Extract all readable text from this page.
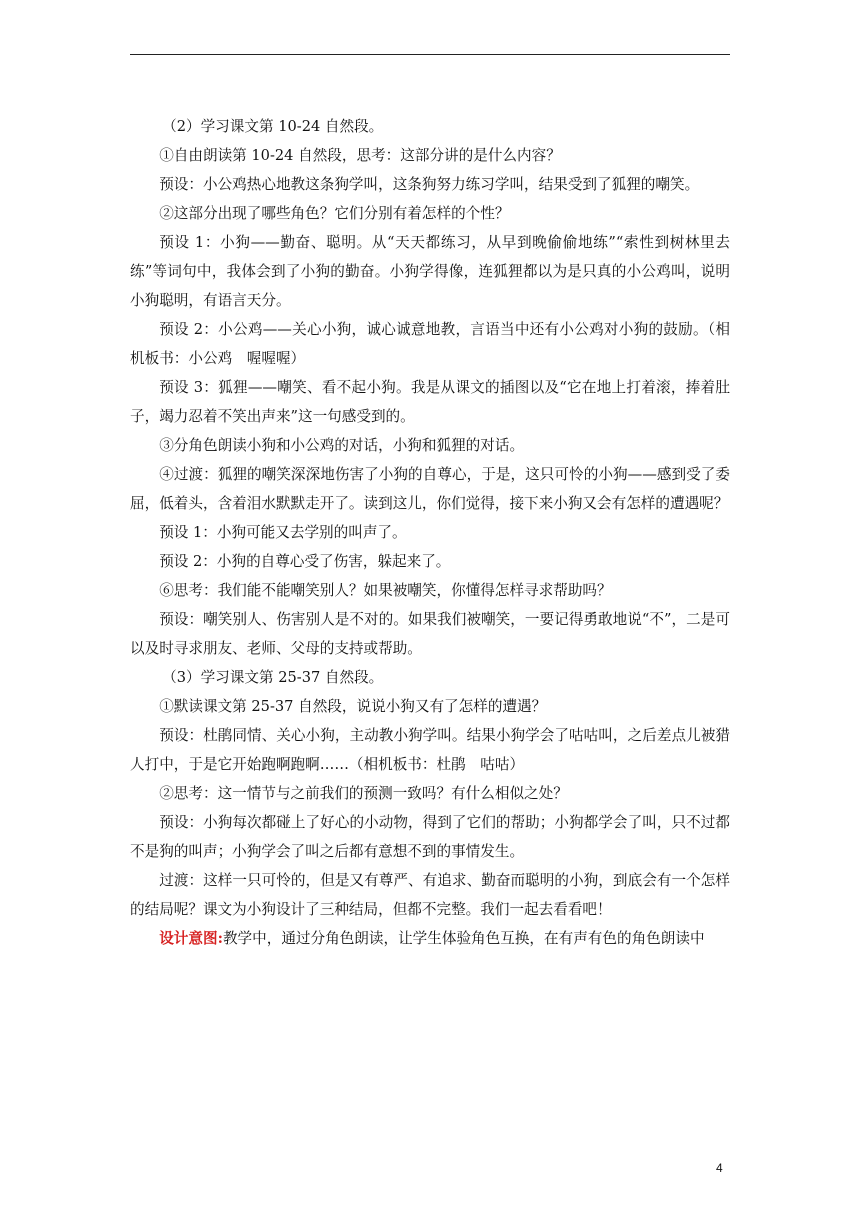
（2）学习课文第 10-24 自然段。

①自由朗读第 10-24 自然段，思考：这部分讲的是什么内容？

预设：小公鸡热心地教这条狗学叫，这条狗努力练习学叫，结果受到了狐狸的嘲笑。

②这部分出现了哪些角色？它们分别有着怎样的个性？

预设 1：小狗——勤奋、聪明。从“天天都练习，从早到晚偷偷地练”“索性到树林里去练”等词句中，我体会到了小狗的勤奋。小狗学得像，连狐狸都以为是只真的小公鸡叫，说明小狗聪明，有语言天分。

预设 2：小公鸡——关心小狗，诚心诚意地教，言语当中还有小公鸡对小狗的鼓励。（相机板书：小公鸡　喔喔喔）

预设 3：狐狸——嘲笑、看不起小狗。我是从课文的插图以及“它在地上打着滚，捧着肚子，竭力忍着不笑出声来”这一句感受到的。

③分角色朗读小狗和小公鸡的对话，小狗和狐狸的对话。

④过渡：狐狸的嘲笑深深地伤害了小狗的自尊心，于是，这只可怜的小狗——感到受了委屈，低着头，含着泪水默默走开了。读到这儿，你们觉得，接下来小狗又会有怎样的遭遇呢？

预设 1：小狗可能又去学别的叫声了。

预设 2：小狗的自尊心受了伤害，躲起来了。

⑥思考：我们能不能嘲笑别人？如果被嘲笑，你懂得怎样寻求帮助吗？

预设：嘲笑别人、伤害别人是不对的。如果我们被嘲笑，一要记得勇敢地说“不”，二是可以及时寻求朋友、老师、父母的支持或帮助。

（3）学习课文第 25-37 自然段。

①默读课文第 25-37 自然段，说说小狗又有了怎样的遭遇？

预设：杜鹃同情、关心小狗，主动教小狗学叫。结果小狗学会了咕咕叫，之后差点儿被猎人打中，于是它开始跑啊跑啊……（相机板书：杜鹃　咕咕）

②思考：这一情节与之前我们的预测一致吗？有什么相似之处？

预设：小狗每次都碰上了好心的小动物，得到了它们的帮助；小狗都学会了叫，只不过都不是狗的叫声；小狗学会了叫之后都有意想不到的事情发生。

过渡：这样一只可怜的，但是又有尊严、有追求、勤奋而聪明的小狗，到底会有一个怎样的结局呢？课文为小狗设计了三种结局，但都不完整。我们一起去看看吧！

设计意图:教学中，通过分角色朗读，让学生体验角色互换，在有声有色的角色朗读中

4
